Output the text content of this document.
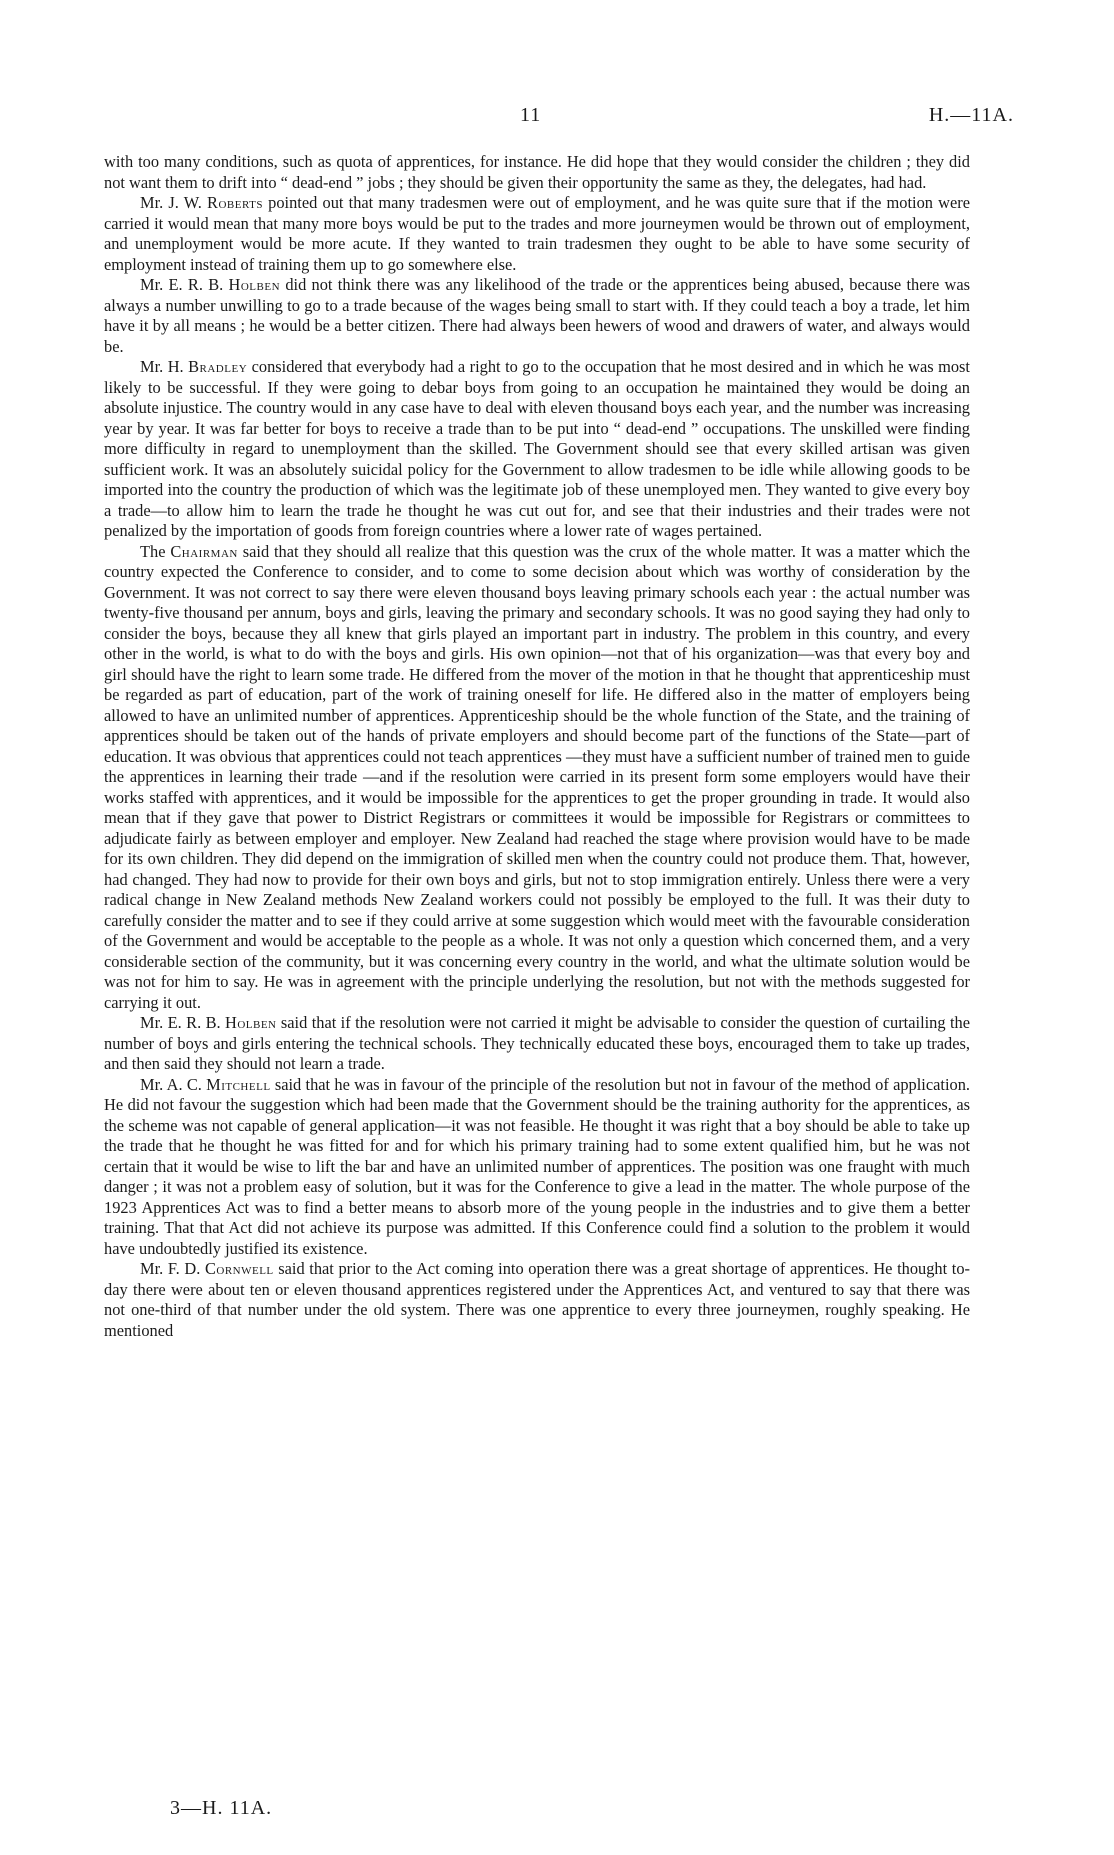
11	H.—11A.

with too many conditions, such as quota of apprentices, for instance. He did hope that they would consider the children ; they did not want them to drift into “ dead-end ” jobs ; they should be given their opportunity the same as they, the delegates, had had.

Mr. J. W. Roberts pointed out that many tradesmen were out of employment, and he was quite sure that if the motion were carried it would mean that many more boys would be put to the trades and more journeymen would be thrown out of employment, and unemployment would be more acute. If they wanted to train tradesmen they ought to be able to have some security of employment instead of training them up to go somewhere else.

Mr. E. R. B. Holben did not think there was any likelihood of the trade or the apprentices being abused, because there was always a number unwilling to go to a trade because of the wages being small to start with. If they could teach a boy a trade, let him have it by all means ; he would be a better citizen. There had always been hewers of wood and drawers of water, and always would be.

Mr. H. Bradley considered that everybody had a right to go to the occupation that he most desired and in which he was most likely to be successful. If they were going to debar boys from going to an occupation he maintained they would be doing an absolute injustice. The country would in any case have to deal with eleven thousand boys each year, and the number was increasing year by year. It was far better for boys to receive a trade than to be put into “ dead-end ” occupations. The unskilled were finding more difficulty in regard to unemployment than the skilled. The Government should see that every skilled artisan was given sufficient work. It was an absolutely suicidal policy for the Government to allow tradesmen to be idle while allowing goods to be imported into the country the production of which was the legitimate job of these unemployed men. They wanted to give every boy a trade—to allow him to learn the trade he thought he was cut out for, and see that their industries and their trades were not penalized by the importation of goods from foreign countries where a lower rate of wages pertained.

The Chairman said that they should all realize that this question was the crux of the whole matter. It was a matter which the country expected the Conference to consider, and to come to some decision about which was worthy of consideration by the Government. It was not correct to say there were eleven thousand boys leaving primary schools each year : the actual number was twenty-five thousand per annum, boys and girls, leaving the primary and secondary schools. It was no good saying they had only to consider the boys, because they all knew that girls played an important part in industry. The problem in this country, and every other in the world, is what to do with the boys and girls. His own opinion—not that of his organization—was that every boy and girl should have the right to learn some trade. He differed from the mover of the motion in that he thought that apprenticeship must be regarded as part of education, part of the work of training oneself for life. He differed also in the matter of employers being allowed to have an unlimited number of apprentices. Apprenticeship should be the whole function of the State, and the training of apprentices should be taken out of the hands of private employers and should become part of the functions of the State—part of education. It was obvious that apprentices could not teach apprentices —they must have a sufficient number of trained men to guide the apprentices in learning their trade —and if the resolution were carried in its present form some employers would have their works staffed with apprentices, and it would be impossible for the apprentices to get the proper grounding in trade. It would also mean that if they gave that power to District Registrars or committees it would be impossible for Registrars or committees to adjudicate fairly as between employer and employer. New Zealand had reached the stage where provision would have to be made for its own children. They did depend on the immigration of skilled men when the country could not produce them. That, however, had changed. They had now to provide for their own boys and girls, but not to stop immigration entirely. Unless there were a very radical change in New Zealand methods New Zealand workers could not possibly be employed to the full. It was their duty to carefully consider the matter and to see if they could arrive at some suggestion which would meet with the favourable consideration of the Government and would be acceptable to the people as a whole. It was not only a question which concerned them, and a very considerable section of the community, but it was concerning every country in the world, and what the ultimate solution would be was not for him to say. He was in agreement with the principle underlying the resolution, but not with the methods suggested for carrying it out.

Mr. E. R. B. Holben said that if the resolution were not carried it might be advisable to consider the question of curtailing the number of boys and girls entering the technical schools. They technically educated these boys, encouraged them to take up trades, and then said they should not learn a trade.

Mr. A. C. Mitchell said that he was in favour of the principle of the resolution but not in favour of the method of application. He did not favour the suggestion which had been made that the Government should be the training authority for the apprentices, as the scheme was not capable of general application—it was not feasible. He thought it was right that a boy should be able to take up the trade that he thought he was fitted for and for which his primary training had to some extent qualified him, but he was not certain that it would be wise to lift the bar and have an unlimited number of apprentices. The position was one fraught with much danger ; it was not a problem easy of solution, but it was for the Conference to give a lead in the matter. The whole purpose of the 1923 Apprentices Act was to find a better means to absorb more of the young people in the industries and to give them a better training. That that Act did not achieve its purpose was admitted. If this Conference could find a solution to the problem it would have undoubtedly justified its existence.

Mr. F. D. Cornwell said that prior to the Act coming into operation there was a great shortage of apprentices. He thought to-day there were about ten or eleven thousand apprentices registered under the Apprentices Act, and ventured to say that there was not one-third of that number under the old system. There was one apprentice to every three journeymen, roughly speaking. He mentioned

3—H. 11A.
